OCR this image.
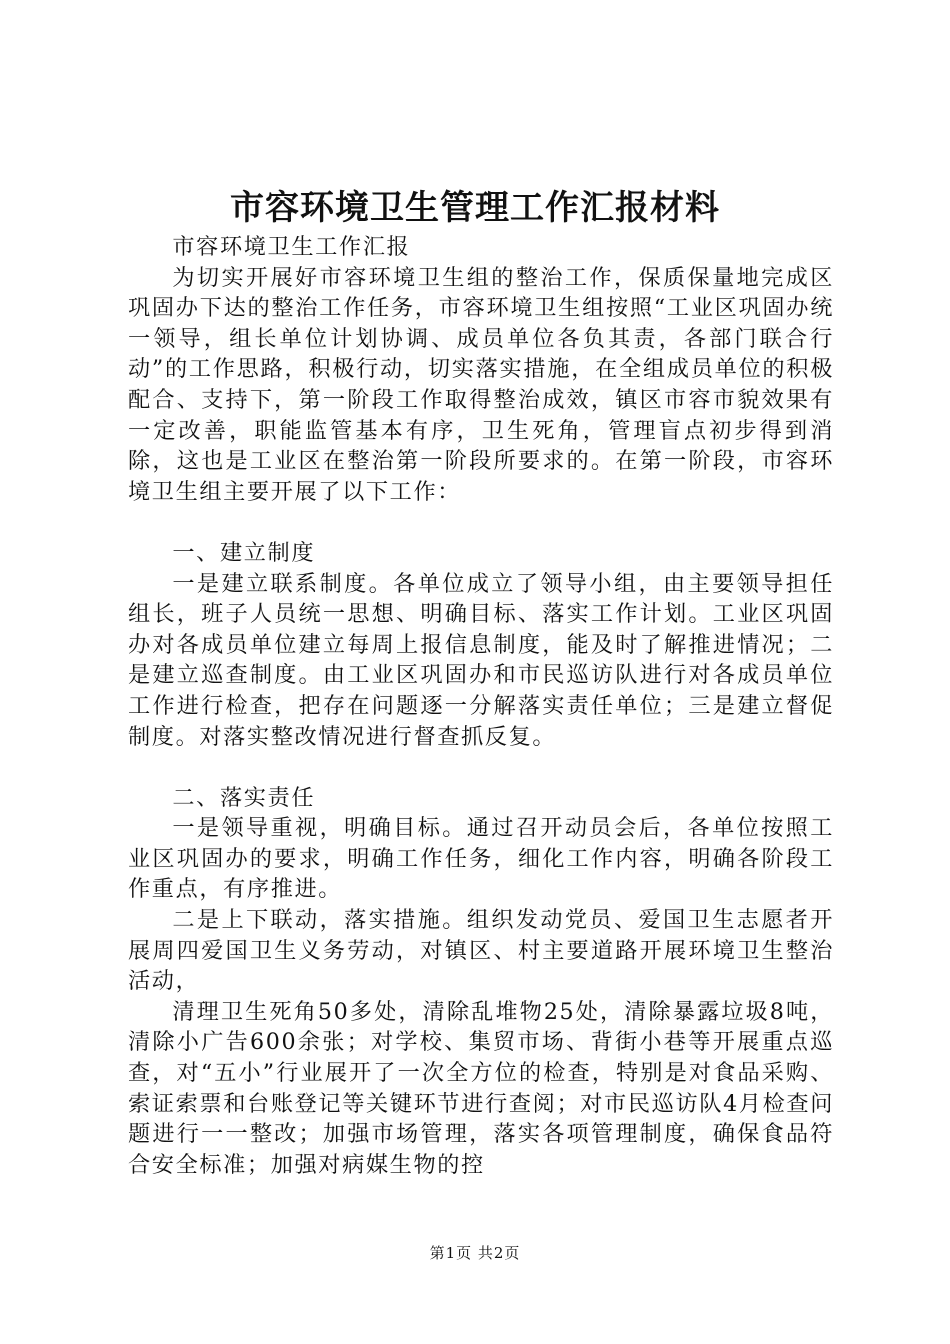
市容环境卫生管理工作汇报材料

市容环境卫生工作汇报

为切实开展好市容环境卫生组的整治工作，保质保量地完成区巩固办下达的整治工作任务，市容环境卫生组按照“工业区巩固办统一领导，组长单位计划协调、成员单位各负其责，各部门联合行动”的工作思路，积极行动，切实落实措施，在全组成员单位的积极配合、支持下，第一阶段工作取得整治成效，镇区市容市貌效果有一定改善，职能监管基本有序，卫生死角，管理盲点初步得到消除，这也是工业区在整治第一阶段所要求的。在第一阶段，市容环境卫生组主要开展了以下工作：

一、建立制度

一是建立联系制度。各单位成立了领导小组，由主要领导担任组长，班子人员统一思想、明确目标、落实工作计划。工业区巩固办对各成员单位建立每周上报信息制度，能及时了解推进情况；二是建立巡查制度。由工业区巩固办和市民巡访队进行对各成员单位工作进行检查，把存在问题逐一分解落实责任单位；三是建立督促制度。对落实整改情况进行督查抓反复。

二、落实责任

一是领导重视，明确目标。通过召开动员会后，各单位按照工业区巩固办的要求，明确工作任务，细化工作内容，明确各阶段工作重点，有序推进。

二是上下联动，落实措施。组织发动党员、爱国卫生志愿者开展周四爱国卫生义务劳动，对镇区、村主要道路开展环境卫生整治活动，

清理卫生死角50多处，清除乱堆物25处，清除暴露垃圾8吨，清除小广告600余张；对学校、集贸市场、背街小巷等开展重点巡查，对“五小”行业展开了一次全方位的检查，特别是对食品采购、索证索票和台账登记等关键环节进行查阅；对市民巡访队4月检查问题进行一一整改；加强市场管理，落实各项管理制度，确保食品符合安全标准；加强对病媒生物的控

第1页 共2页
